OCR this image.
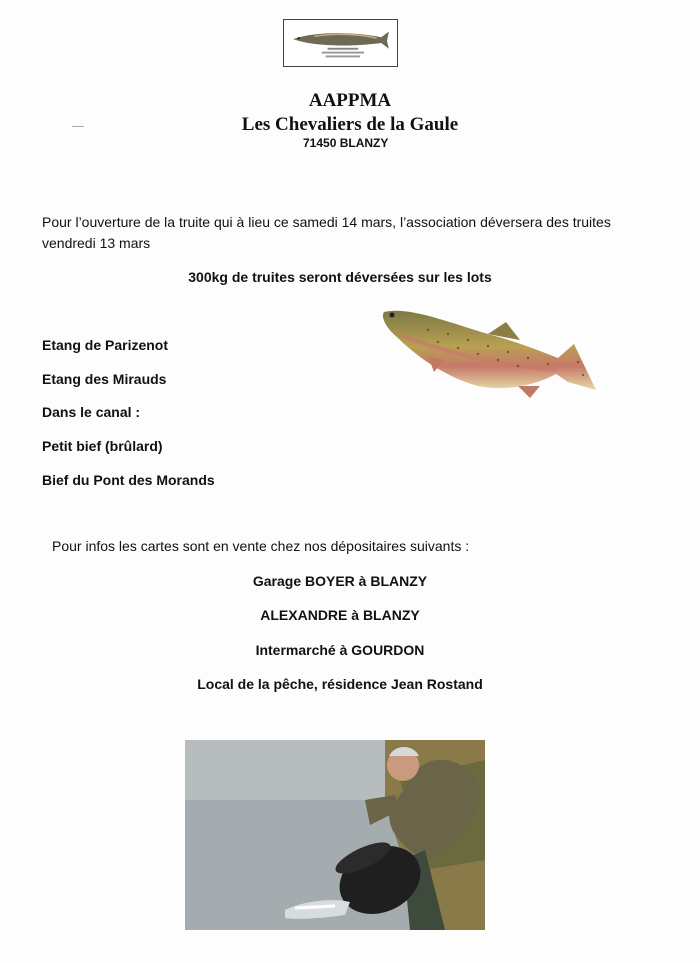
AAPPMA
Les Chevaliers de la Gaule
71450 BLANZY
Pour l’ouverture de la truite qui à lieu ce samedi 14 mars, l’association déversera des truites vendredi 13 mars
300kg de truites seront déversées sur les lots
Etang de Parizenot
Etang des Mirauds
Dans le canal :
Petit bief (brûlard)
Bief du Pont des Morands
Pour infos les cartes sont en vente chez nos dépositaires suivants :
Garage BOYER à BLANZY
ALEXANDRE à BLANZY
Intermarché à GOURDON
Local de la pêche, résidence Jean Rostand
